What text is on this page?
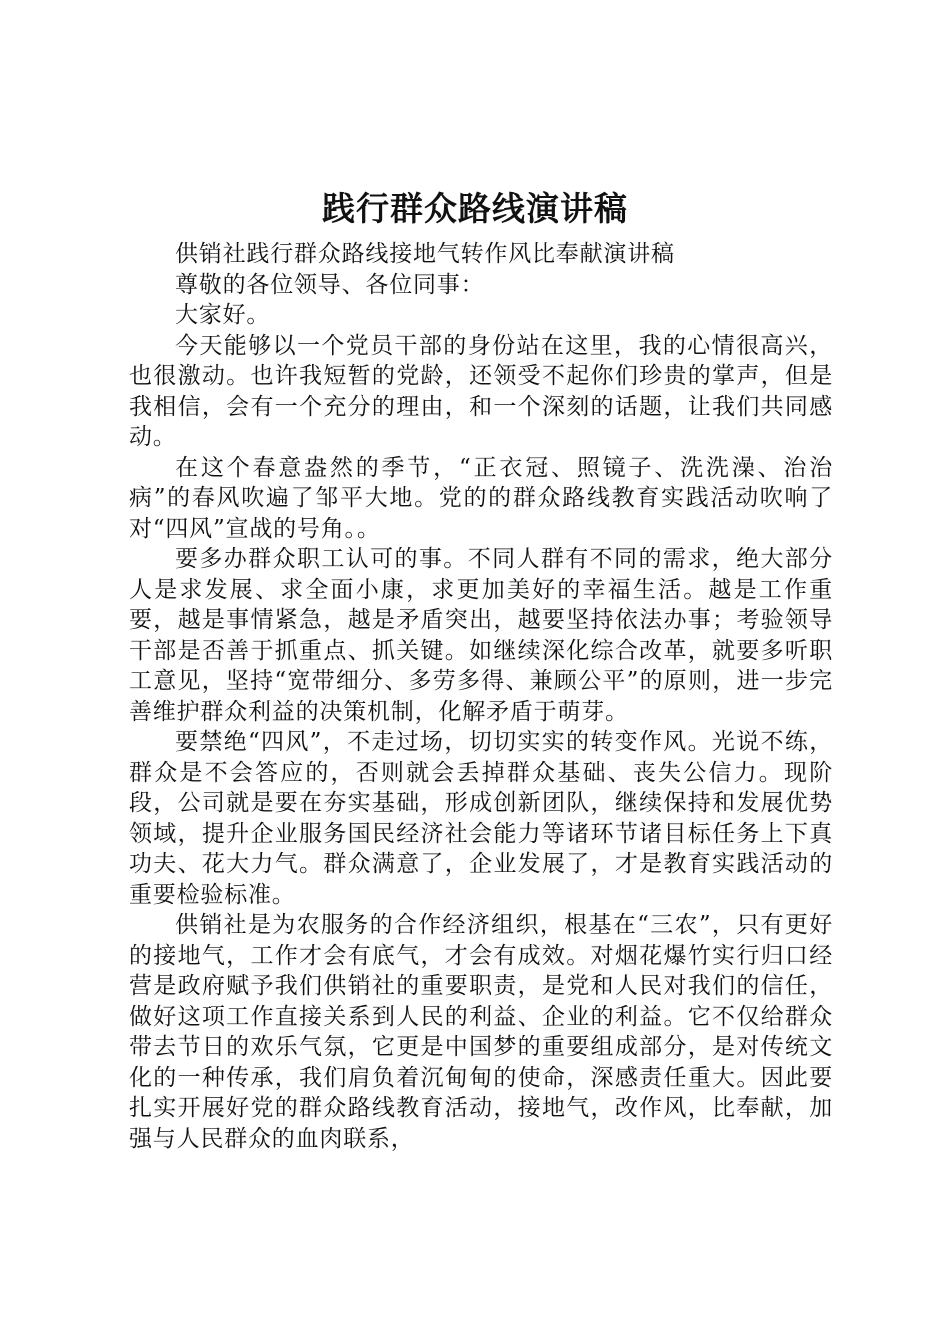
践行群众路线演讲稿

供销社践行群众路线接地气转作风比奉献演讲稿

尊敬的各位领导、各位同事：

大家好。

今天能够以一个党员干部的身份站在这里，我的心情很高兴，也很激动。也许我短暂的党龄，还领受不起你们珍贵的掌声，但是我相信，会有一个充分的理由，和一个深刻的话题，让我们共同感动。

在这个春意盎然的季节，“正衣冠、照镜子、洗洗澡、治治病”的春风吹遍了邹平大地。党的的群众路线教育实践活动吹响了对“四风”宣战的号角。。

要多办群众职工认可的事。不同人群有不同的需求，绝大部分人是求发展、求全面小康，求更加美好的幸福生活。越是工作重要，越是事情紧急，越是矛盾突出，越要坚持依法办事；考验领导干部是否善于抓重点、抓关键。如继续深化综合改革，就要多听职工意见，坚持“宽带细分、多劳多得、兼顾公平”的原则，进一步完善维护群众利益的决策机制，化解矛盾于萌芽。

要禁绝“四风”，不走过场，切切实实的转变作风。光说不练，群众是不会答应的，否则就会丢掉群众基础、丧失公信力。现阶段，公司就是要在夯实基础，形成创新团队，继续保持和发展优势领域，提升企业服务国民经济社会能力等诸环节诸目标任务上下真功夫、花大力气。群众满意了，企业发展了，才是教育实践活动的重要检验标准。

供销社是为农服务的合作经济组织，根基在“三农”，只有更好的接地气，工作才会有底气，才会有成效。对烟花爆竹实行归口经营是政府赋予我们供销社的重要职责，是党和人民对我们的信任，做好这项工作直接关系到人民的利益、企业的利益。它不仅给群众带去节日的欢乐气氛，它更是中国梦的重要组成部分，是对传统文化的一种传承，我们肩负着沉甸甸的使命，深感责任重大。因此要扎实开展好党的群众路线教育活动，接地气，改作风，比奉献，加强与人民群众的血肉联系，
